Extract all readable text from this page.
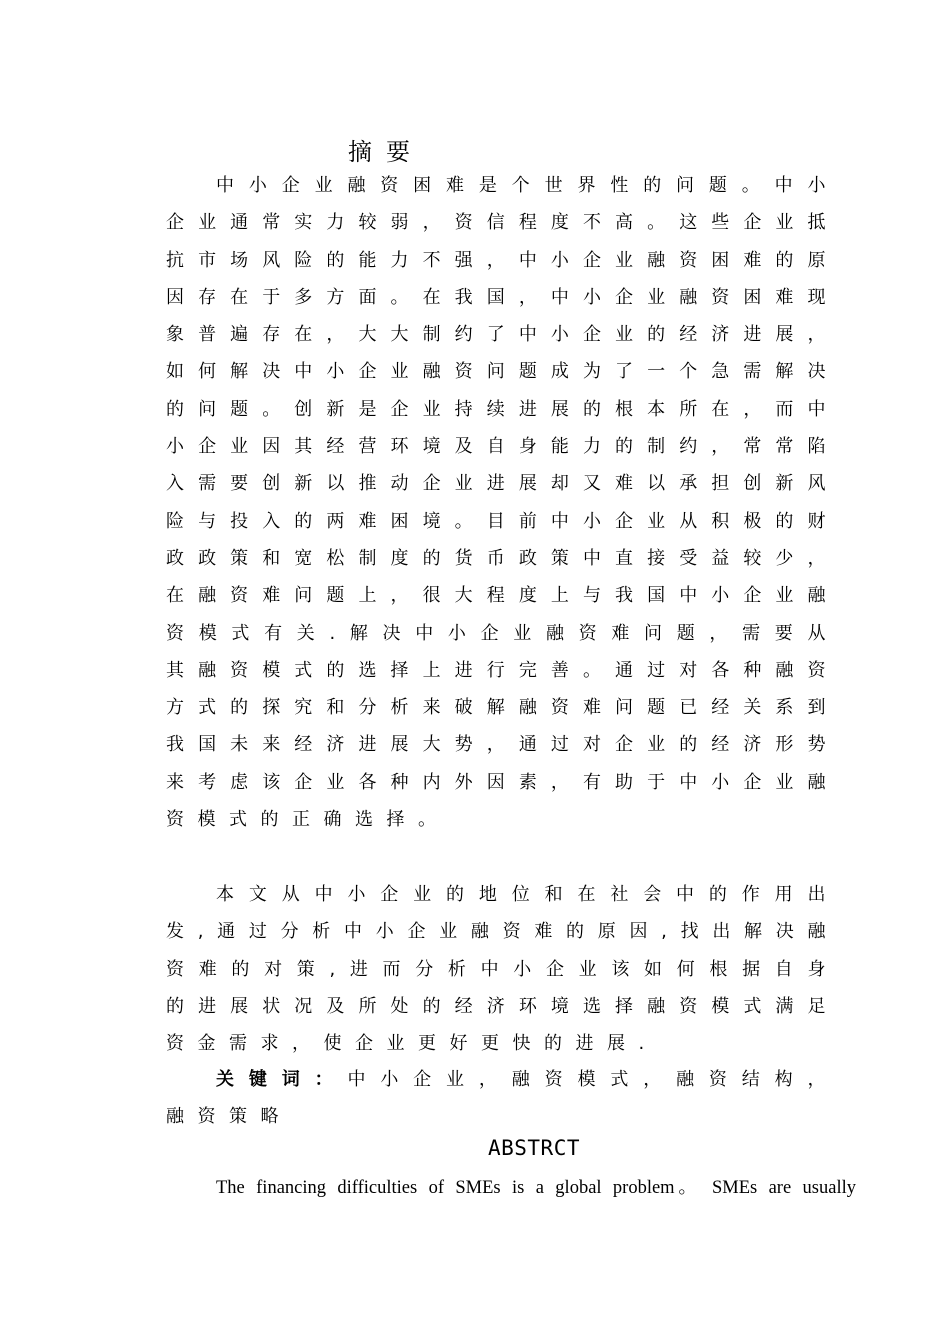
摘要
中小企业融资困难是个世界性的问题。中小企业通常实力较弱，资信程度不高。这些企业抵抗市场风险的能力不强，中小企业融资困难的原因存在于多方面。在我国，中小企业融资困难现象普遍存在，大大制约了中小企业的经济进展，如何解决中小企业融资问题成为了一个急需解决的问题。创新是企业持续进展的根本所在，而中小企业因其经营环境及自身能力的制约，常常陷入需要创新以推动企业进展却又难以承担创新风险与投入的两难困境。目前中小企业从积极的财政政策和宽松制度的货币政策中直接受益较少，在融资难问题上，很大程度上与我国中小企业融资模式有关.解决中小企业融资难问题，需要从其融资模式的选择上进行完善。通过对各种融资方式的探究和分析来破解融资难问题已经关系到我国未来经济进展大势，通过对企业的经济形势来考虑该企业各种内外因素，有助于中小企业融资模式的正确选择。
本文从中小企业的地位和在社会中的作用出发,通过分析中小企业融资难的原因,找出解决融资难的对策,进而分析中小企业该如何根据自身的进展状况及所处的经济环境选择融资模式满足资金需求，使企业更好更快的进展.
关键词：中小企业，融资模式，融资结构，融资策略
ABSTRCT
The financing difficulties of SMEs is a global problem。 SMEs are usually
